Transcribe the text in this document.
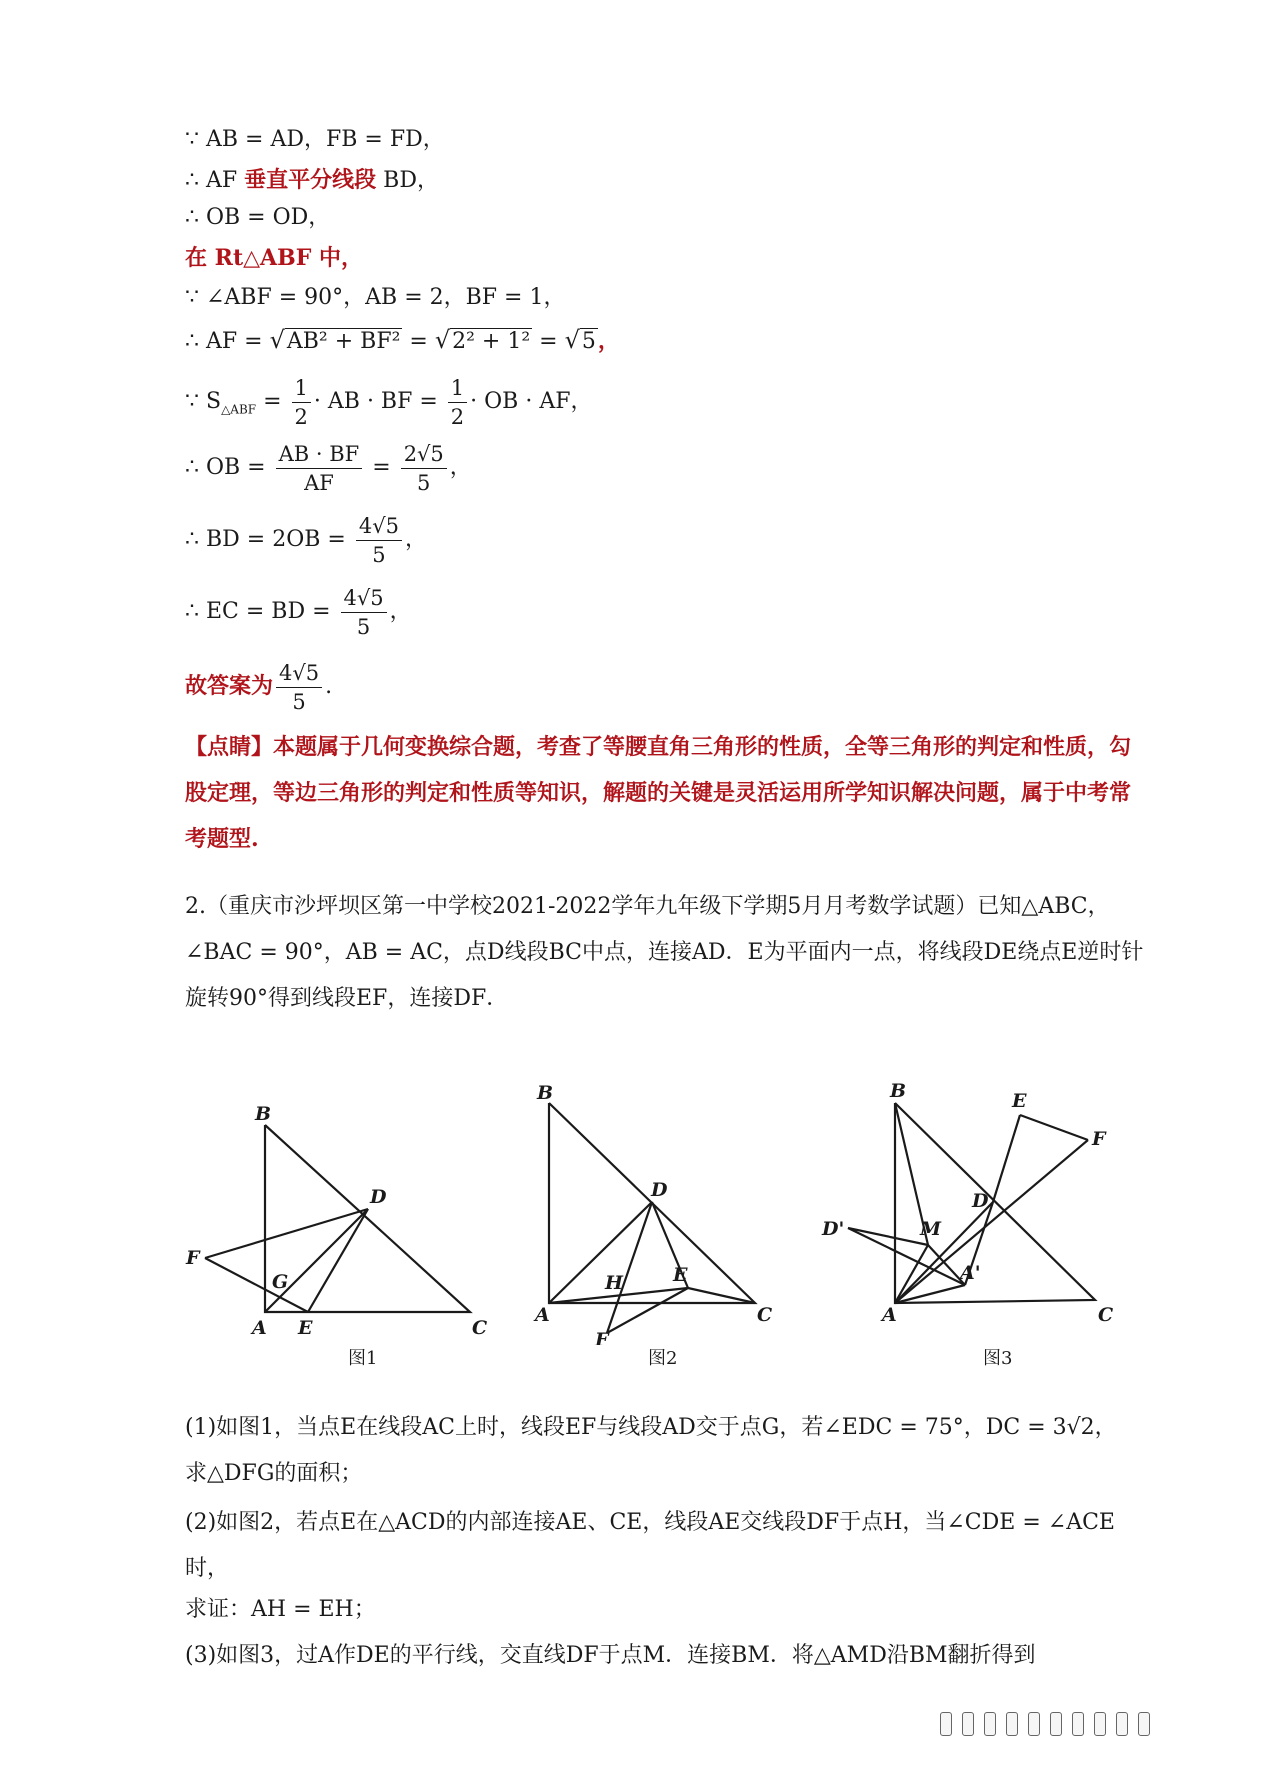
∵ AB = AD，FB = FD，
∴ AF 垂直平分线段 BD，
∴ OB = OD，
在 Rt△ABF 中，
∵ ∠ABF = 90°，AB = 2，BF = 1，
∴ AF = √AB² + BF² = √2² + 1² = √5，
∵ $S_{\triangle ABF} = \frac{1}{2}$ · AB · BF = $\frac{1}{2}$ · OB · AF，
∴ OB = $\frac{AB \cdot BF}{AF} = \frac{2√5}{5}$ ，
∴ BD = $2OB = \frac{4√5}{5}$ ，
∴ EC = BD = $\frac{4√5}{5}$ ，
故答案为 $\frac{4√5}{5}$ .
【点睛】本题属于几何变换综合题，考查了等腰直角三角形的性质，全等三角形的判定和性质，勾股定理，等边三角形的判定和性质等知识，解题的关键是灵活运用所学知识解决问题，属于中考常考题型.
2.（重庆市沙坪坝区第一中学校2021-2022学年九年级下学期5月月考数学试题）已知△ABC，∠BAC = 90°，AB = AC，点D线段BC中点，连接AD．E为平面内一点，将线段DE绕点E逆时针旋转90°得到线段EF，连接DF．
B
D
F
G
A E	C
图1
B
D
H	E
A
F
C
图2
B	E
F
D
D'	M
A'
A	C
图3
(1)如图1，当点E在线段AC上时，线段EF与线段AD交于点G，若∠EDC = 75°，DC = 3√2，求△DFG的面积；
(2)如图2，若点E在△ACD的内部连接AE、CE，线段AE交线段DF于点H，当∠CDE = ∠ACE时，
求证：AH = EH；
(3)如图3，过A作DE的平行线，交直线DF于点M．连接BM．将△AMD沿BM翻折得到
